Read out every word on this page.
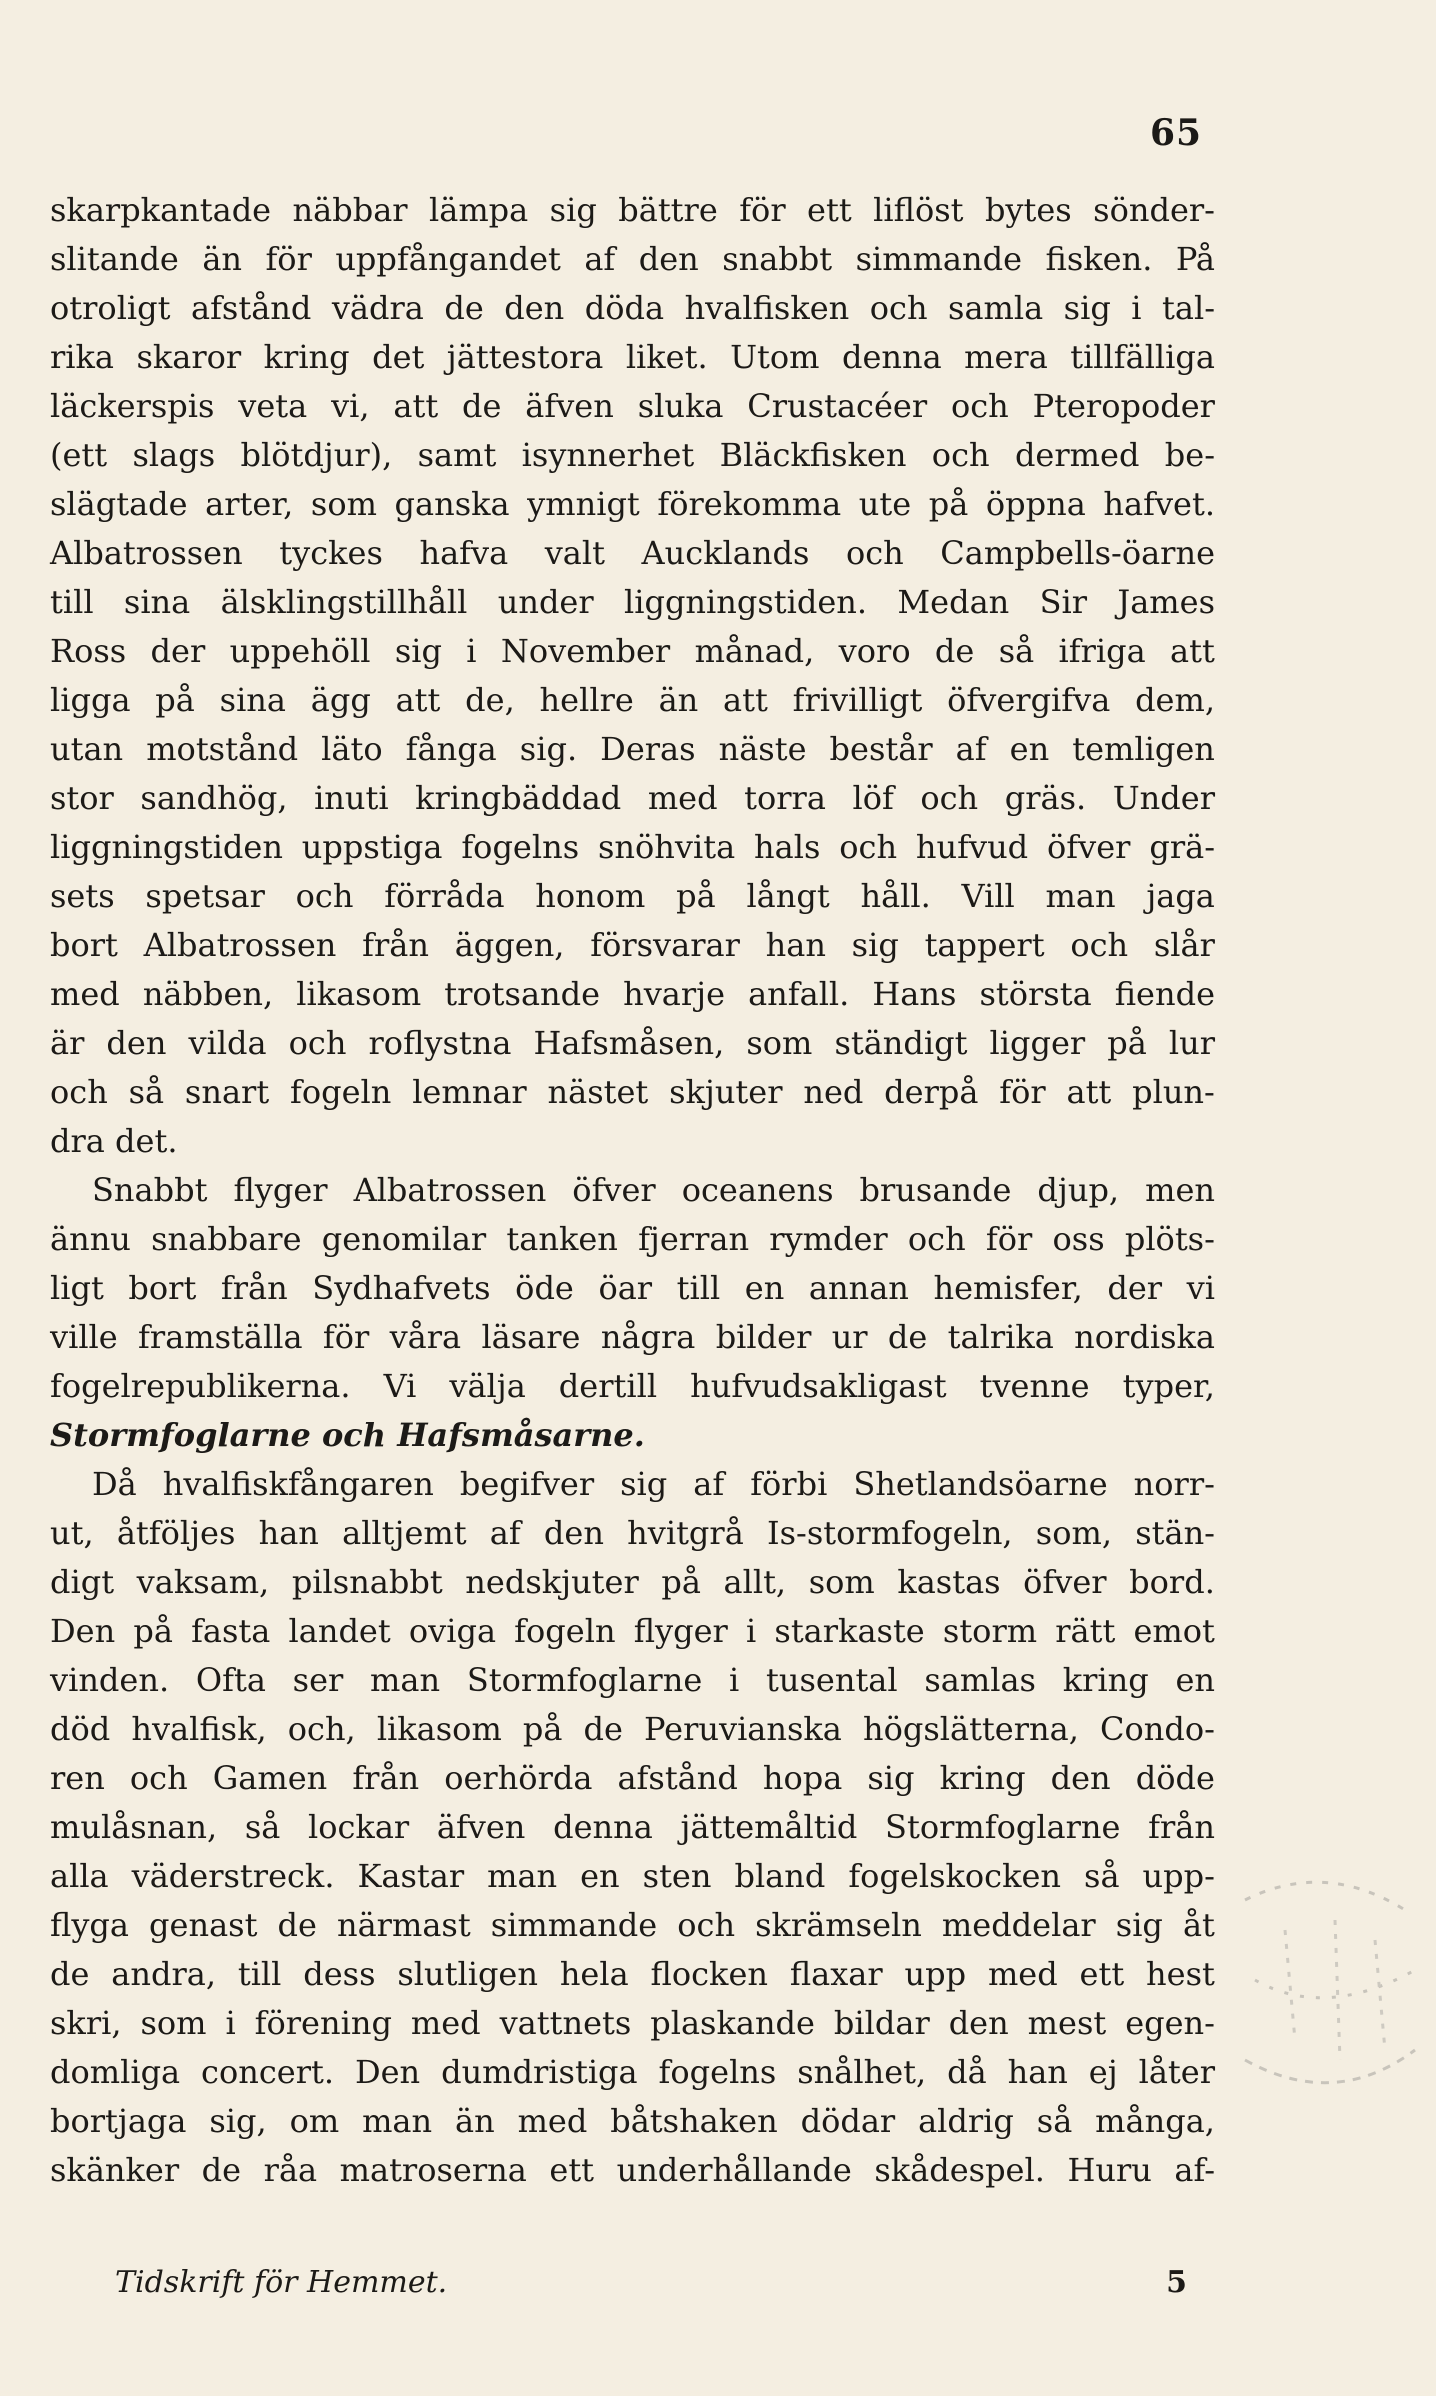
65
skarpkantade näbbar lämpa sig bättre för ett liflöst bytes sönder-
slitande än för uppfångandet af den snabbt simmande fisken. På
otroligt afstånd vädra de den döda hvalfisken och samla sig i tal-
rika skaror kring det jättestora liket. Utom denna mera tillfälliga
läckerspis veta vi, att de äfven sluka Crustacéer och Pteropoder
(ett slags blötdjur), samt isynnerhet Bläckfisken och dermed be-
slägtade arter, som ganska ymnigt förekomma ute på öppna hafvet.
Albatrossen tyckes hafva valt Aucklands och Campbells-öarne
till sina älsklingstillhåll under liggningstiden. Medan Sir James
Ross der uppehöll sig i November månad, voro de så ifriga att
ligga på sina ägg att de, hellre än att frivilligt öfvergifva dem,
utan motstånd läto fånga sig. Deras näste består af en temligen
stor sandhög, inuti kringbäddad med torra löf och gräs. Under
liggningstiden uppstiga fogelns snöhvita hals och hufvud öfver grä-
sets spetsar och förråda honom på långt håll. Vill man jaga
bort Albatrossen från äggen, försvarar han sig tappert och slår
med näbben, likasom trotsande hvarje anfall. Hans största fiende
är den vilda och roflystna Hafsmåsen, som ständigt ligger på lur
och så snart fogeln lemnar nästet skjuter ned derpå för att plun-
dra det.
Snabbt flyger Albatrossen öfver oceanens brusande djup, men
ännu snabbare genomilar tanken fjerran rymder och för oss plöts-
ligt bort från Sydhafvets öde öar till en annan hemisfer, der vi
ville framställa för våra läsare några bilder ur de talrika nordiska
fogelrepublikerna. Vi välja dertill hufvudsakligast tvenne typer,
Stormfoglarne och Hafsmåsarne.
Då hvalfiskfångaren begifver sig af förbi Shetlandsöarne norr-
ut, åtföljes han alltjemt af den hvitgrå Is-stormfogeln, som, stän-
digt vaksam, pilsnabbt nedskjuter på allt, som kastas öfver bord.
Den på fasta landet oviga fogeln flyger i starkaste storm rätt emot
vinden. Ofta ser man Stormfoglarne i tusental samlas kring en
död hvalfisk, och, likasom på de Peruvianska högslätterna, Condo-
ren och Gamen från oerhörda afstånd hopa sig kring den döde
mulåsnan, så lockar äfven denna jättemåltid Stormfoglarne från
alla väderstreck. Kastar man en sten bland fogelskocken så upp-
flyga genast de närmast simmande och skrämseln meddelar sig åt
de andra, till dess slutligen hela flocken flaxar upp med ett hest
skri, som i förening med vattnets plaskande bildar den mest egen-
domliga concert. Den dumdristiga fogelns snålhet, då han ej låter
bortjaga sig, om man än med båtshaken dödar aldrig så många,
skänker de råa matroserna ett underhållande skådespel. Huru af-
Tidskrift för Hemmet.	5
